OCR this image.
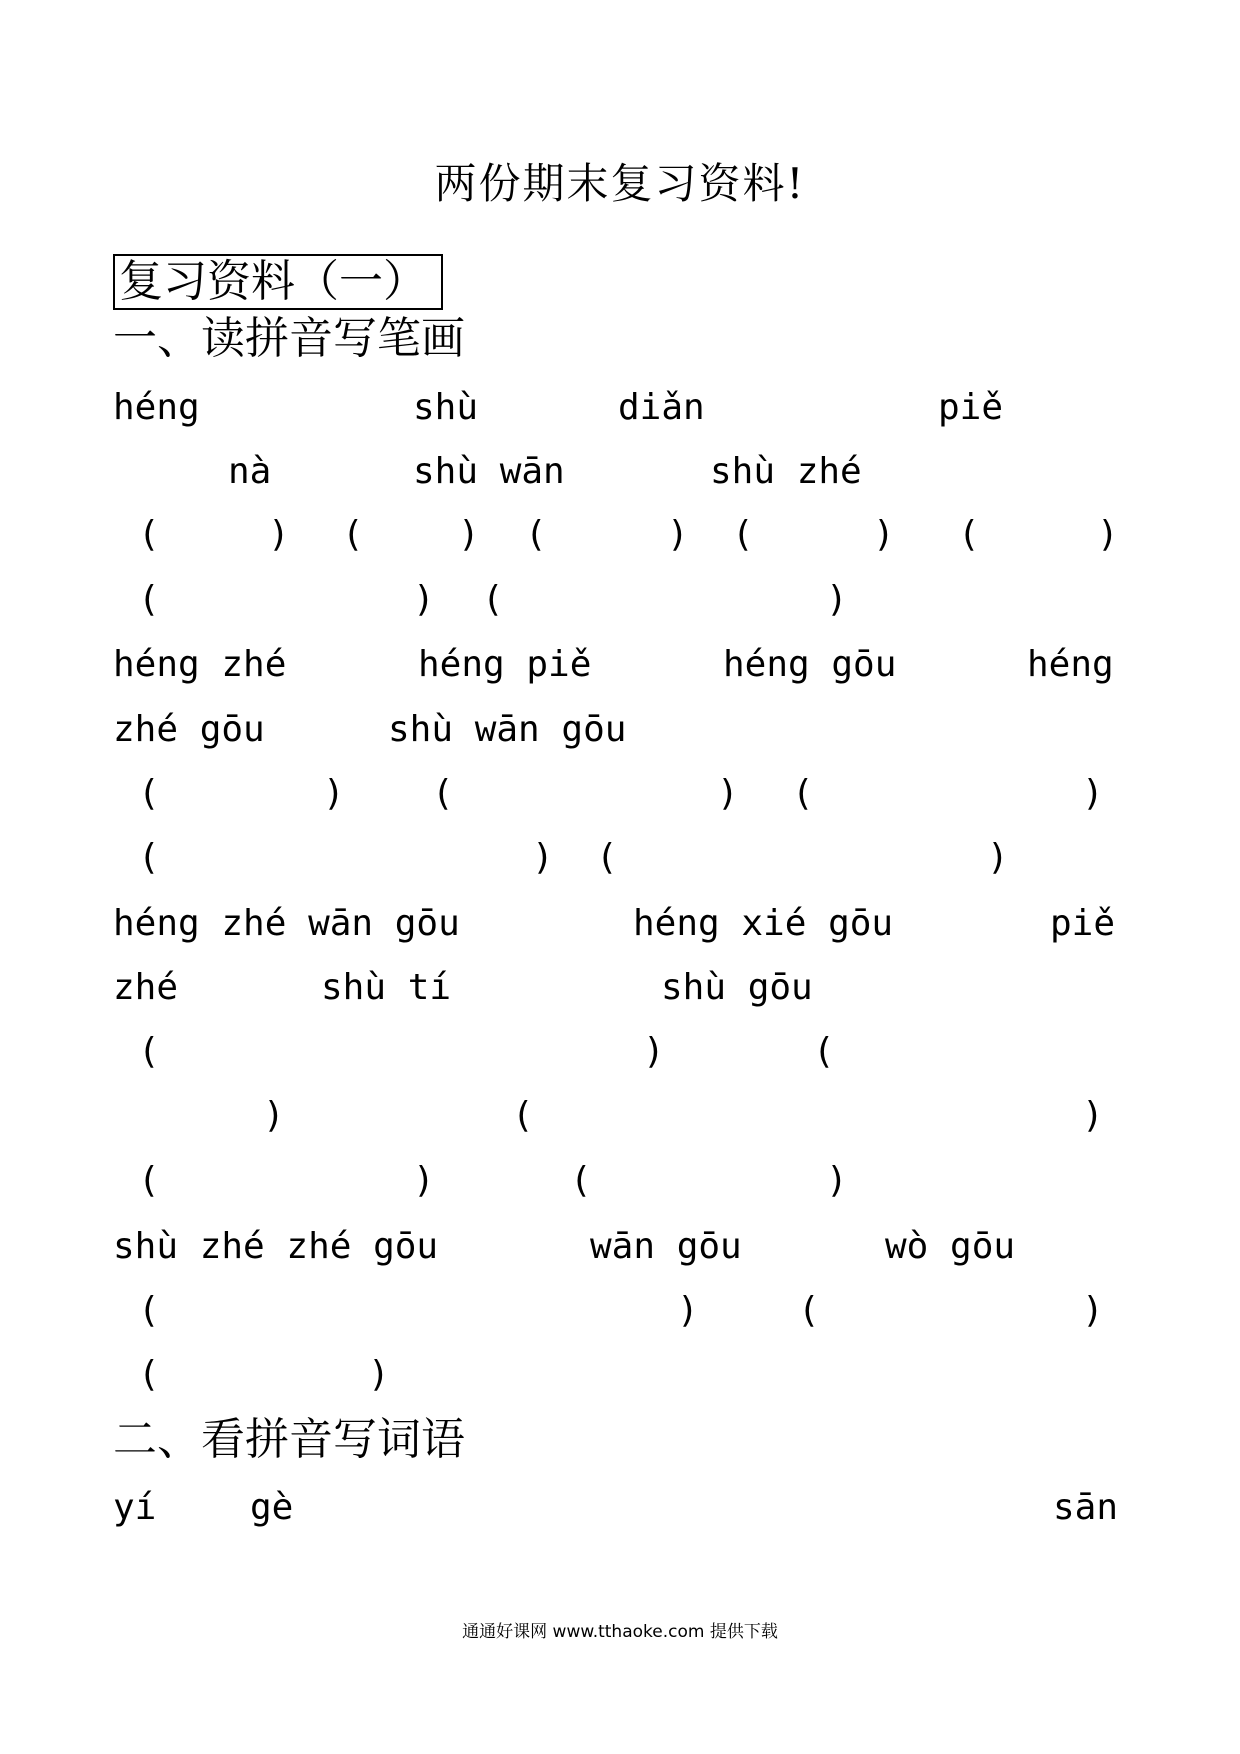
两份期末复习资料!
复习资料（一）
一、读拼音写笔画
héng	shù	diǎn	piě
nà	shù wān	shù zhé
(	) (	) (	) (	) (	)
(	) (	)
héng zhé	héng piě	héng gōu	héng
zhé gōu	shù wān gōu
(	) (	) (	)
(	) (	)
héng zhé wān gōu	héng xié gōu	piě
zhé	shù tí	shù gōu
(	)	(
)	(	)
(	)	(	)
shù zhé zhé gōu	wān gōu	wò gōu
(	)	(	)
(	)
二、看拼音写词语
yí	gè	sān
通通好课网 www.tthaoke.com 提供下载
